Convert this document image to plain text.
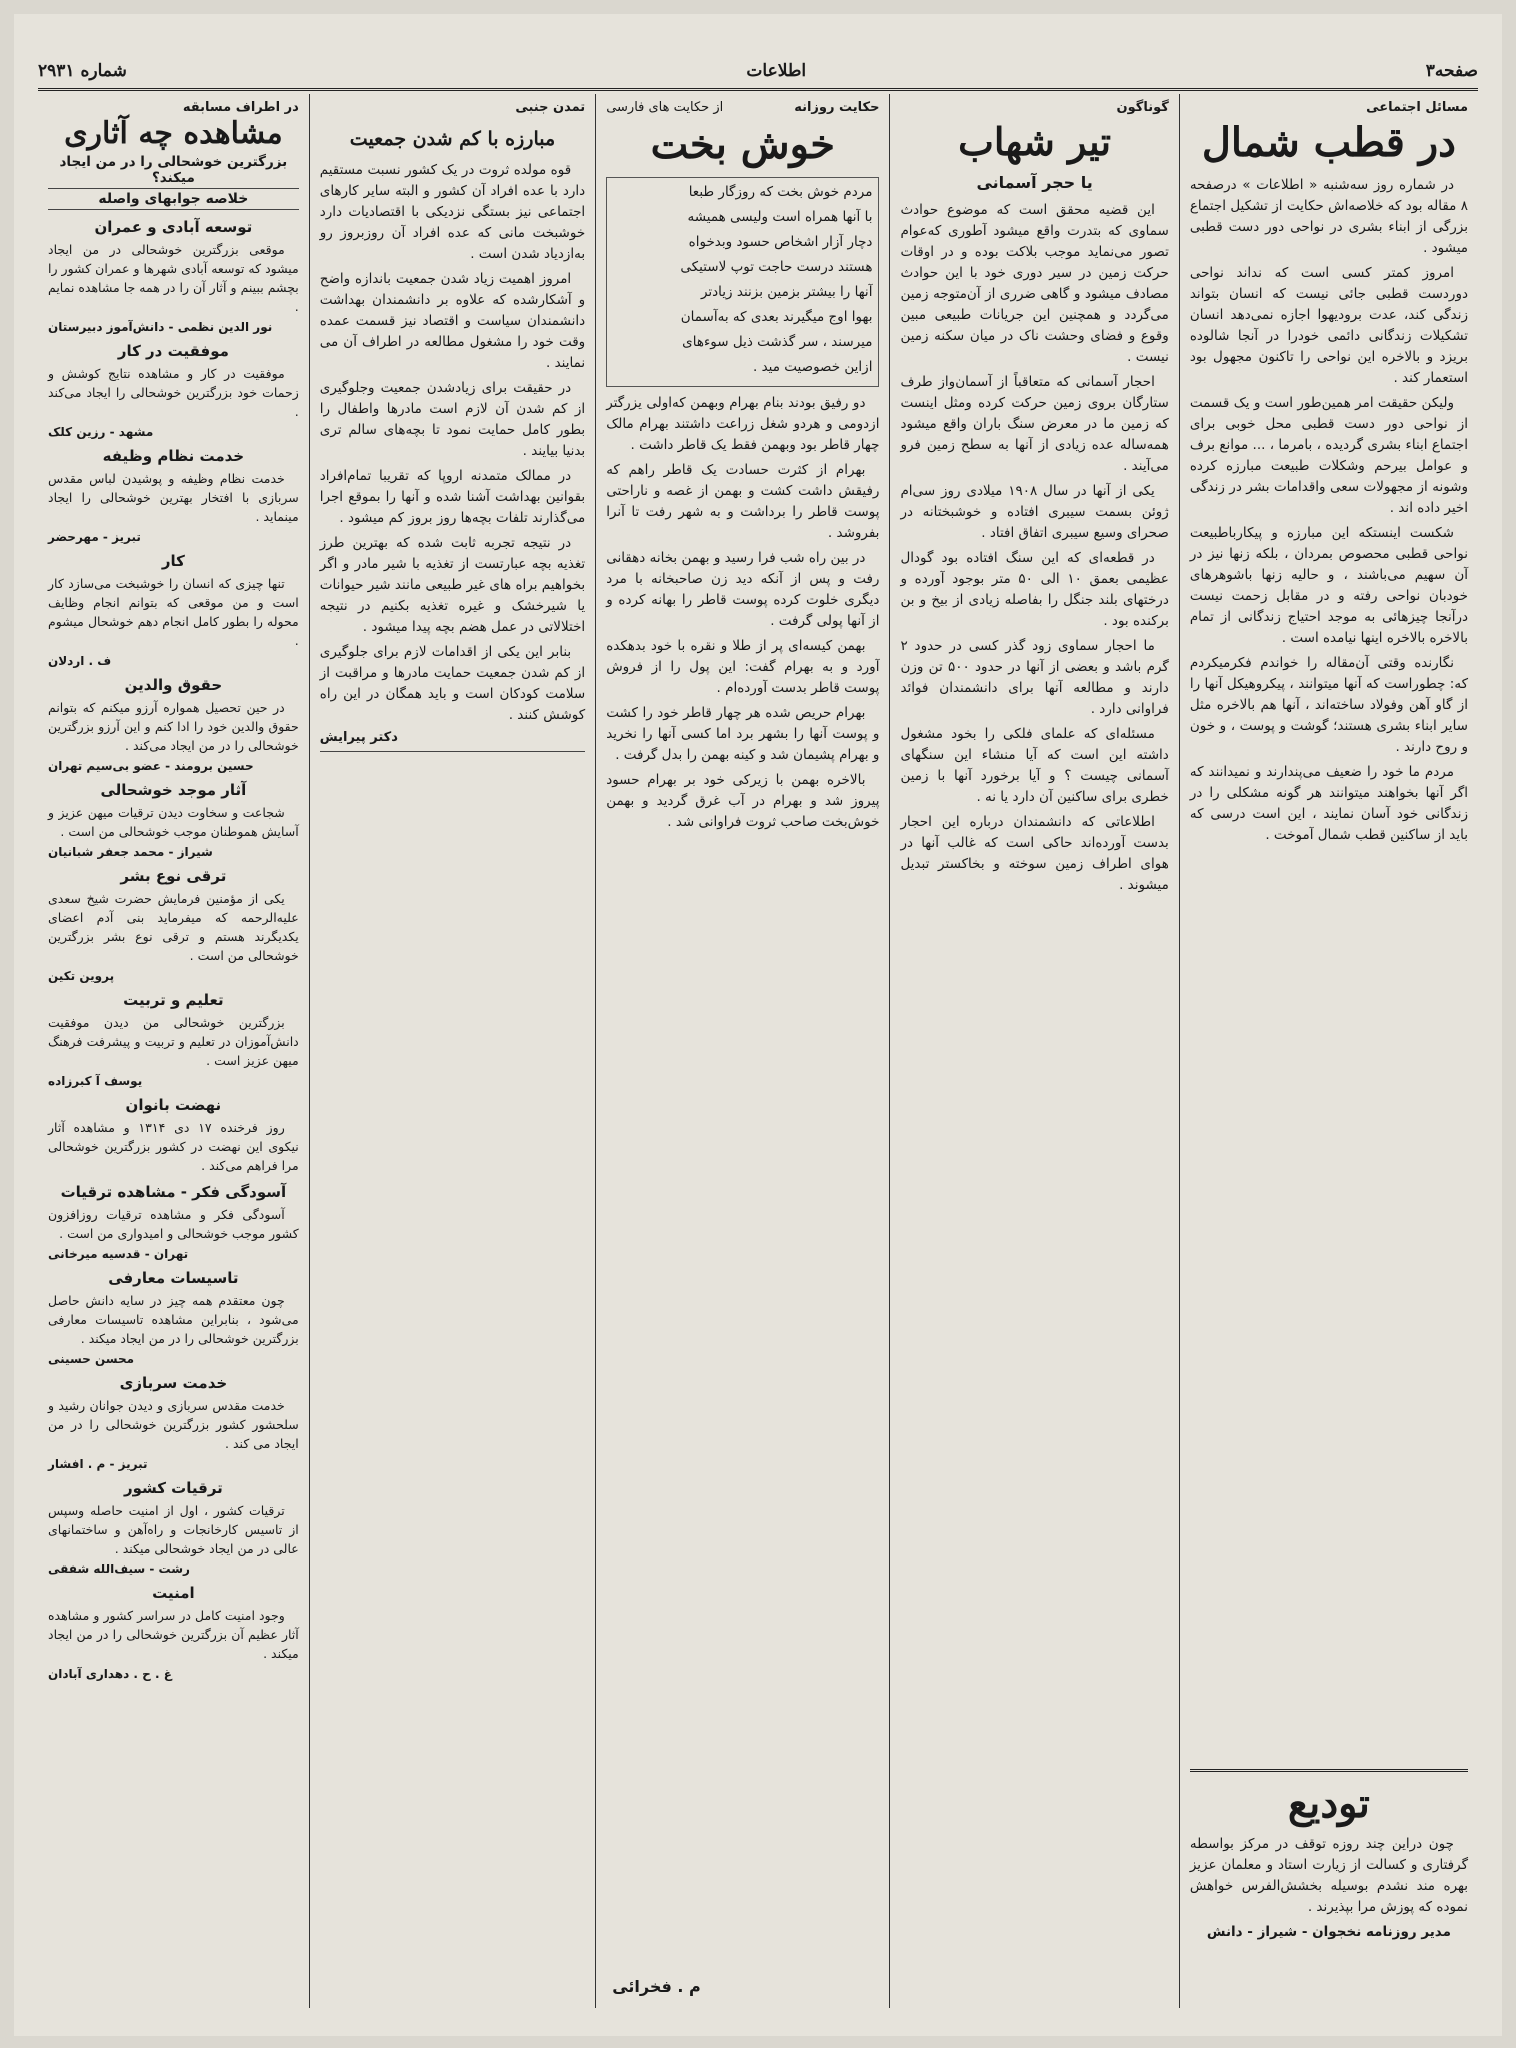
شماره ۲۹۳۱	اطلاعات	صفحه۳
مسائل اجتماعی
در قطب شمال

در شماره روز سه‌شنبه « اطلاعات » درصفحه ۸ مقاله بود که خلاصه‌اش حکایت از تشکیل اجتماع بزرگی از ابناء بشری در نواحی دور دست قطبی میشود .

امروز کمتر کسی است که نداند نواحی دوردست قطبی جائی نیست که انسان بتواند زندگی کند، عدت برودیهوا اجازه نمی‌دهد انسان تشکیلات زندگانی دائمی خودرا در آنجا شالوده بریزد و بالاخره این نواحی را تاکنون مجهول بود استعمار کند .

ولیکن حقیقت امر همین‌طور است و یک قسمت از نواحی دور دست قطبی محل خوبی برای اجتماع ابناء بشری گردیده ، بامرما ، ... موانع برف و عوامل بیرحم وشکلات طبیعت مبارزه کرده وشونه از مجهولات سعی واقدامات بشر در زندگی اخیر داده اند .

شکست اینستکه این مبارزه و پیکارباطبیعت نواحی قطبی محصوص بمردان ، بلکه زنها نیز در آن سهیم می‌باشند ، و حالیه زنها باشوهرهای خودبان نواحی رفته و در مقابل زحمت نیست درآنجا چیزهائی به موجد احتیاج زندگانی از تمام بالاخره بالاخره اینها نیامده است .

نگارنده وقتی آن‌مقاله را خواندم فکرمیکردم که: چطوراست که آنها میتوانند ، پیکروهیکل آنها را از گاو آهن وفولاد ساخته‌اند ، آنها هم بالاخره مثل سایر ابناء بشری هستند؛ گوشت و پوست ، و خون و روح دارند .

مردم ما خود را ضعیف می‌پندارند و نمیدانند که اگر آنها بخواهند میتوانند هر گونه مشکلی را در زندگانی خود آسان نمایند ، این است درسی که باید از ساکنین قطب شمال آموخت .

تودیع

چون دراین چند روزه توقف در مرکز بواسطه گرفتاری و کسالت از زیارت استاد و معلمان عزیز بهره مند نشدم بوسیله بخشش‌الفرس خواهش نموده که پوزش مرا بپذیرند .

مدیر روزنامه نخجوان - شیراز - دانش

گوناگون
تیر شهاب
یا حجر آسمانی

این قضیه محقق است که موضوع حوادث سماوی که بتدرت واقع میشود آطوری که‌عوام تصور می‌نماید موجب بلاکت بوده و در اوقات حرکت زمین در سیر دوری خود با این حوادث مصادف میشود و گاهی ضرری از آن‌متوجه زمین می‌گردد و همچنین این جریانات طبیعی مبین وقوع و فضای وحشت ناک در میان سکنه زمین نیست .

احجار آسمانی که متعاقباً از آسمان‌واز طرف ستارگان بروی زمین حرکت کرده ومثل اینست که زمین ما در معرض سنگ باران واقع میشود همه‌ساله عده زیادی از آنها به سطح زمین فرو می‌آیند .

یکی از آنها در سال ۱۹۰۸ میلادی روز سی‌ام ژوئن بسمت سیبری افتاده و خوشبختانه در صحرای وسیع سیبری اتفاق افتاد .

در قطعه‌ای که این سنگ افتاده بود گودال عظیمی بعمق ۱۰ الی ۵۰ متر بوجود آورده و درختهای بلند جنگل را بفاصله زیادی از بیخ و بن برکنده بود .

ما احجار سماوی زود گذر کسی در حدود ۲ گرم باشد و بعضی از آنها در حدود ۵۰۰ تن وزن دارند و مطالعه آنها برای دانشمندان فوائد فراوانی دارد .

مسئله‌ای که علمای فلکی را بخود مشغول داشته این است که آیا منشاء این سنگهای آسمانی چیست ؟ و آیا برخورد آنها با زمین خطری برای ساکنین آن دارد یا نه .

اطلاعاتی که دانشمندان درباره این احجار بدست آورده‌اند حاکی است که غالب آنها در هوای اطراف زمین سوخته و بخاکستر تبدیل میشوند .

حکایت روزانه
از حکایت های فارسی
خوش بخت

مردم خوش بخت که روزگار طبعا

با آنها همراه است ولیسی همیشه

دچار آزار اشخاص حسود وبدخواه

هستند درست حاجت توپ لاستیکی

آنها را بیشتر بزمین بزنند زیادتر

بهوا اوج میگیرند بعدی که به‌آسمان

میرسند ، سر گذشت ذیل سوء‌های

ازاین خصوصیت مید .

دو رفیق بودند بنام بهرام وبهمن که‌اولی یزرگتر ازدومی و هردو شغل زراعت داشتند بهرام مالک چهار قاطر بود وبهمن فقط یک قاطر داشت .

بهرام از کثرت حسادت یک قاطر راهم که رفیقش داشت کشت و بهمن از غصه و ناراحتی پوست قاطر را برداشت و به شهر رفت تا آنرا بفروشد .

در بین راه شب فرا رسید و بهمن بخانه دهقانی رفت و پس از آنکه دید زن صاحبخانه با مرد دیگری خلوت کرده پوست قاطر را بهانه کرده و از آنها پولی گرفت .

بهمن کیسه‌ای پر از طلا و نقره با خود بدهکده آورد و به بهرام گفت: این پول را از فروش پوست قاطر بدست آورده‌ام .

بهرام حریص شده هر چهار قاطر خود را کشت و پوست آنها را بشهر برد اما کسی آنها را نخرید و بهرام پشیمان شد و کینه بهمن را بدل گرفت .

بالاخره بهمن با زیرکی خود بر بهرام حسود پیروز شد و بهرام در آب‌ غرق گردید و بهمن خوش‌بخت صاحب ثروت فراوانی شد .

م . فخرائی
تمدن جنبی
مبارزه با کم شدن جمعیت

قوه مولده ثروت در یک کشور نسبت مستقیم دارد با عده افراد آن کشور و البته سایر کارهای اجتماعی نیز بستگی نزدیکی با اقتصادیات دارد خوشبخت مانی که عده افراد آن روزبروز رو به‌ازدیاد شدن است .

امروز اهمیت زیاد شدن جمعیت باندازه واضح و آشکارشده که علاوه بر دانشمندان بهداشت دانشمندان سیاست و اقتصاد نیز قسمت عمده وقت خود را مشغول مطالعه در اطراف آن می نمایند .

در حقیقت برای زیادشدن جمعیت وجلوگیری از کم شدن آن لازم است مادرها واطفال را بطور کامل حمایت نمود تا بچه‌های سالم تری بدنیا بیایند .

در ممالک متمدنه اروپا که تقریبا تمام‌افراد بقوانین بهداشت آشنا شده و آنها را بموقع اجرا می‌گذارند تلفات بچه‌ها روز بروز کم میشود .

در نتیجه تجربه ثابت شده که بهترین طرز تغذیه بچه عبارتست از تغذیه با شیر مادر و اگر بخواهیم براه های غیر طبیعی مانند شیر حیوانات یا شیرخشک و غیره تغذیه بکنیم در نتیجه اختلالاتی در عمل هضم بچه پیدا میشود .

بنابر این یکی از اقدامات لازم برای جلوگیری از کم شدن جمعیت حمایت مادرها و مراقبت از سلامت کودکان است و باید همگان در این راه کوشش کنند .

دکتر پیرایش
در اطراف مسابقه
مشاهده چه آثاری
بزرگترین خوشحالی را در من ایجاد میکند؟
خلاصه جوابهای واصله
توسعه آبادی و عمران

موقعی بزرگترین خوشحالی در من ایجاد میشود که توسعه آبادی شهرها و عمران کشور را بچشم ببینم و آثار آن را در همه جا مشاهده نمایم .

نور الدین نظمی - دانش‌آموز دبیرستان
موفقیت در کار

موفقیت در کار و مشاهده نتایج کوشش و زحمات خود بزرگترین خوشحالی را ایجاد می‌کند .

مشهد - رزین کلک
خدمت نظام وظیفه

خدمت نظام وظیفه و پوشیدن لباس مقدس سربازی با افتخار بهترین خوشحالی را ایجاد مینماید .

تبریز - مهرحضر
کار

تنها چیزی که انسان را خوشبخت می‌سازد کار است و من موقعی که بتوانم انجام وظایف محوله را بطور کامل انجام دهم خوشحال میشوم .

ف . اردلان
حقوق والدین

در حین تحصیل همواره آرزو میکنم که بتوانم حقوق والدین خود را ادا کنم و این آرزو بزرگترین خوشحالی را در من ایجاد می‌کند .

حسین برومند - عضو بی‌سیم تهران
آثار موجد خوشحالی

شجاعت و سخاوت دیدن ترقیات میهن عزیز و آسایش هموطنان موجب خوشحالی من است .

شیراز - محمد جعفر شبانیان
ترقی نوع بشر

یکی از مؤمنین فرمایش حضرت شیخ سعدی علیه‌الرحمه که میفرماید بنی آدم اعضای یکدیگرند هستم و ترقی نوع بشر بزرگترین خوشحالی من است .

پروین تکین
تعلیم و تربیت

بزرگترین خوشحالی من دیدن موفقیت دانش‌آموزان در تعلیم و تربیت و پیشرفت فرهنگ میهن عزیز است .

یوسف آ کبرزاده
نهضت بانوان

روز فرخنده ۱۷ دی ۱۳۱۴ و مشاهده آثار نیکوی این نهضت در کشور بزرگترین خوشحالی مرا فراهم می‌کند .

آسودگی فکر - مشاهده ترقیات

آسودگی فکر و مشاهده ترقیات روزافزون کشور موجب خوشحالی و امیدواری من است .

تهران - قدسیه میرخانی
تاسیسات معارفی

چون معتقدم همه چیز در سایه دانش حاصل می‌شود ، بنابراین مشاهده تاسیسات معارفی بزرگترین خوشحالی را در من ایجاد میکند .

محسن حسینی
خدمت سربازی

خدمت مقدس سربازی و دیدن جوانان رشید و سلحشور کشور بزرگترین خوشحالی را در من ایجاد می کند .

تبریز - م . افشار
ترقیات کشور

ترقیات کشور ، اول از امنیت حاصله وسپس از تاسیس کارخانجات و راه‌آهن و ساختمانهای عالی در من ایجاد خوشحالی میکند .

رشت - سیف‌الله شفقی
امنیت

وجود امنیت کامل در سراسر کشور و مشاهده آثار عظیم آن بزرگترین خوشحالی را در من ایجاد میکند .

غ . ح . دهداری آبادان
